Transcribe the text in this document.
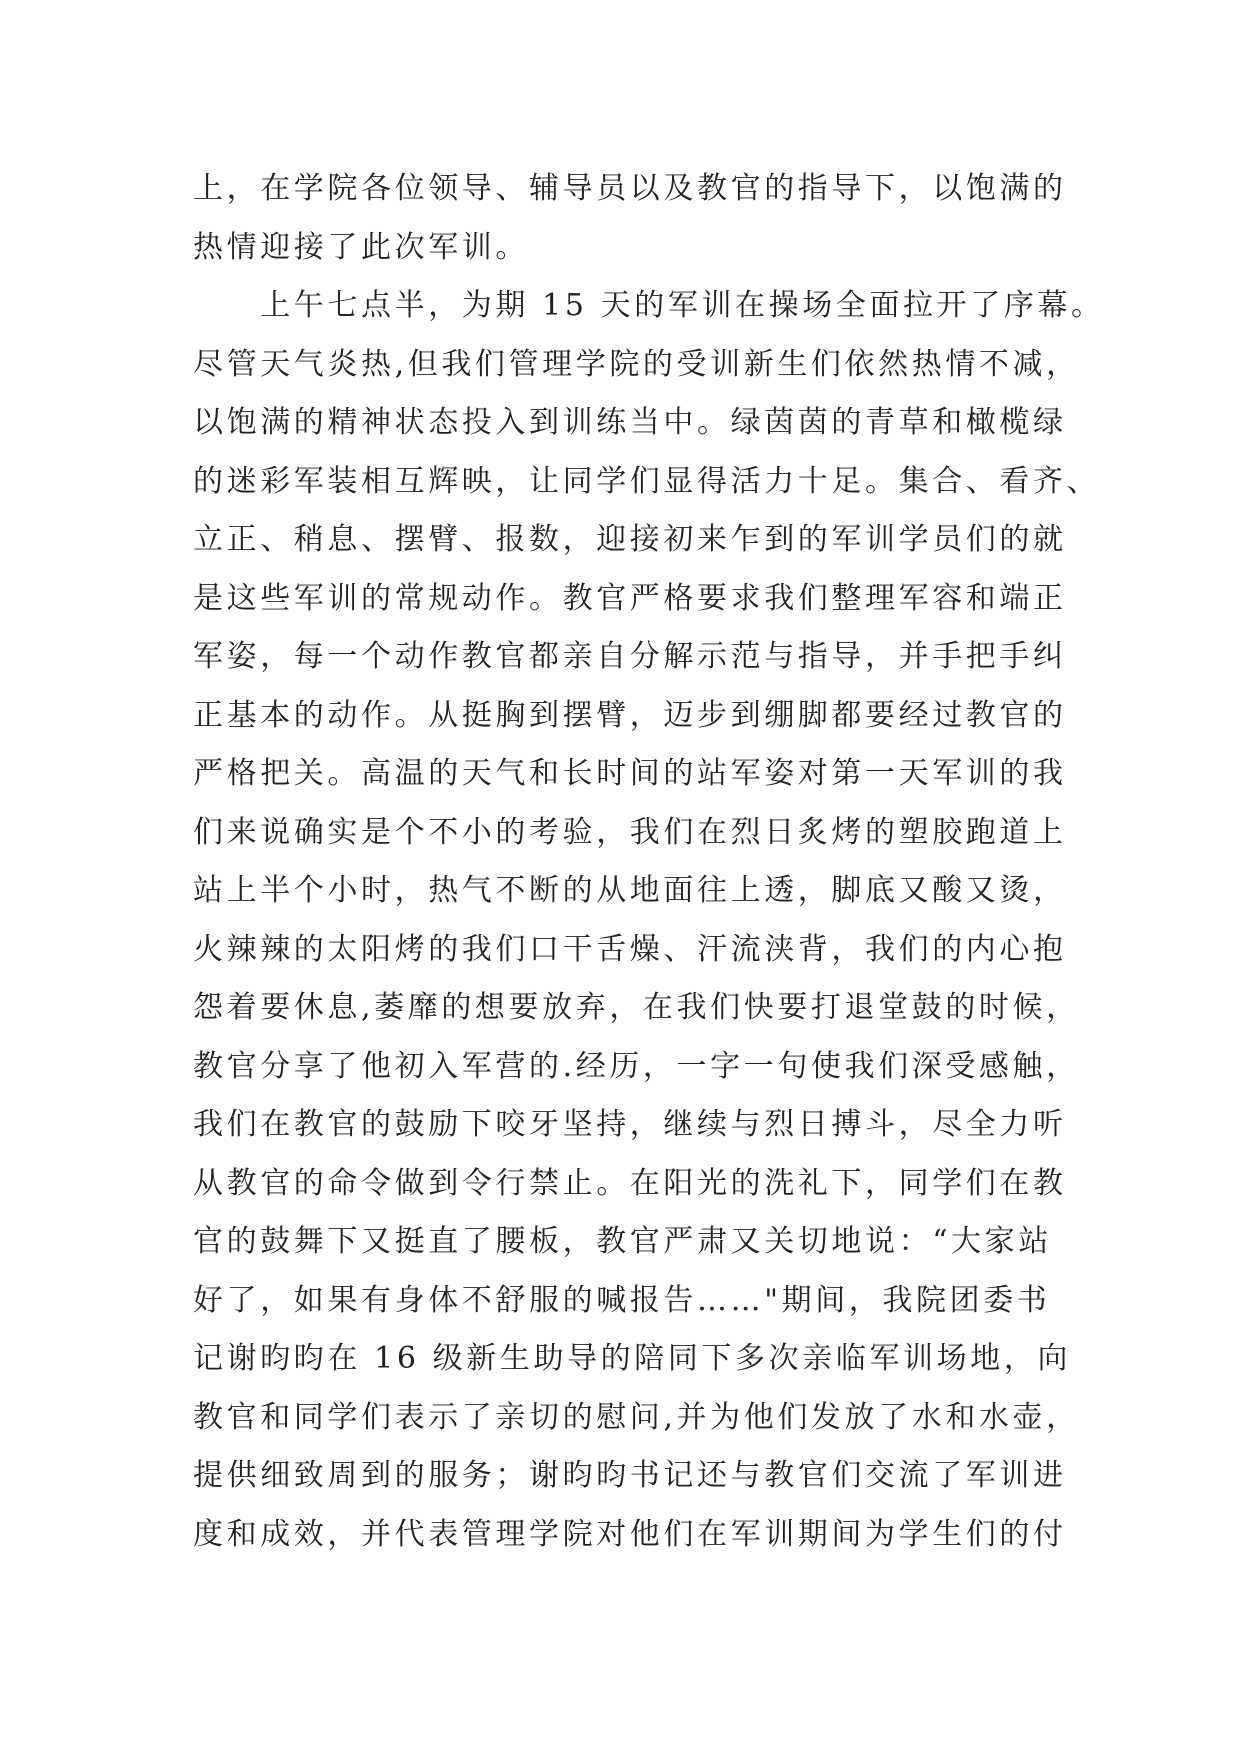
上，在学院各位领导、辅导员以及教官的指导下，以饱满的
热情迎接了此次军训。
　　上午七点半，为期 15 天的军训在操场全面拉开了序幕。
尽管天气炎热,但我们管理学院的受训新生们依然热情不减，
以饱满的精神状态投入到训练当中。绿茵茵的青草和橄榄绿
的迷彩军装相互辉映，让同学们显得活力十足。集合、看齐、
立正、稍息、摆臂、报数，迎接初来乍到的军训学员们的就
是这些军训的常规动作。教官严格要求我们整理军容和端正
军姿，每一个动作教官都亲自分解示范与指导，并手把手纠
正基本的动作。从挺胸到摆臂，迈步到绷脚都要经过教官的
严格把关。高温的天气和长时间的站军姿对第一天军训的我
们来说确实是个不小的考验，我们在烈日炙烤的塑胶跑道上
站上半个小时，热气不断的从地面往上透，脚底又酸又烫，
火辣辣的太阳烤的我们口干舌燥、汗流浃背，我们的内心抱
怨着要休息,萎靡的想要放弃，在我们快要打退堂鼓的时候，
教官分享了他初入军营的.经历，一字一句使我们深受感触，
我们在教官的鼓励下咬牙坚持，继续与烈日搏斗，尽全力听
从教官的命令做到令行禁止。在阳光的洗礼下，同学们在教
官的鼓舞下又挺直了腰板，教官严肃又关切地说：“大家站
好了，如果有身体不舒服的喊报告……"期间，我院团委书
记谢昀昀在 16 级新生助导的陪同下多次亲临军训场地，向
教官和同学们表示了亲切的慰问,并为他们发放了水和水壶，
提供细致周到的服务；谢昀昀书记还与教官们交流了军训进
度和成效，并代表管理学院对他们在军训期间为学生们的付
